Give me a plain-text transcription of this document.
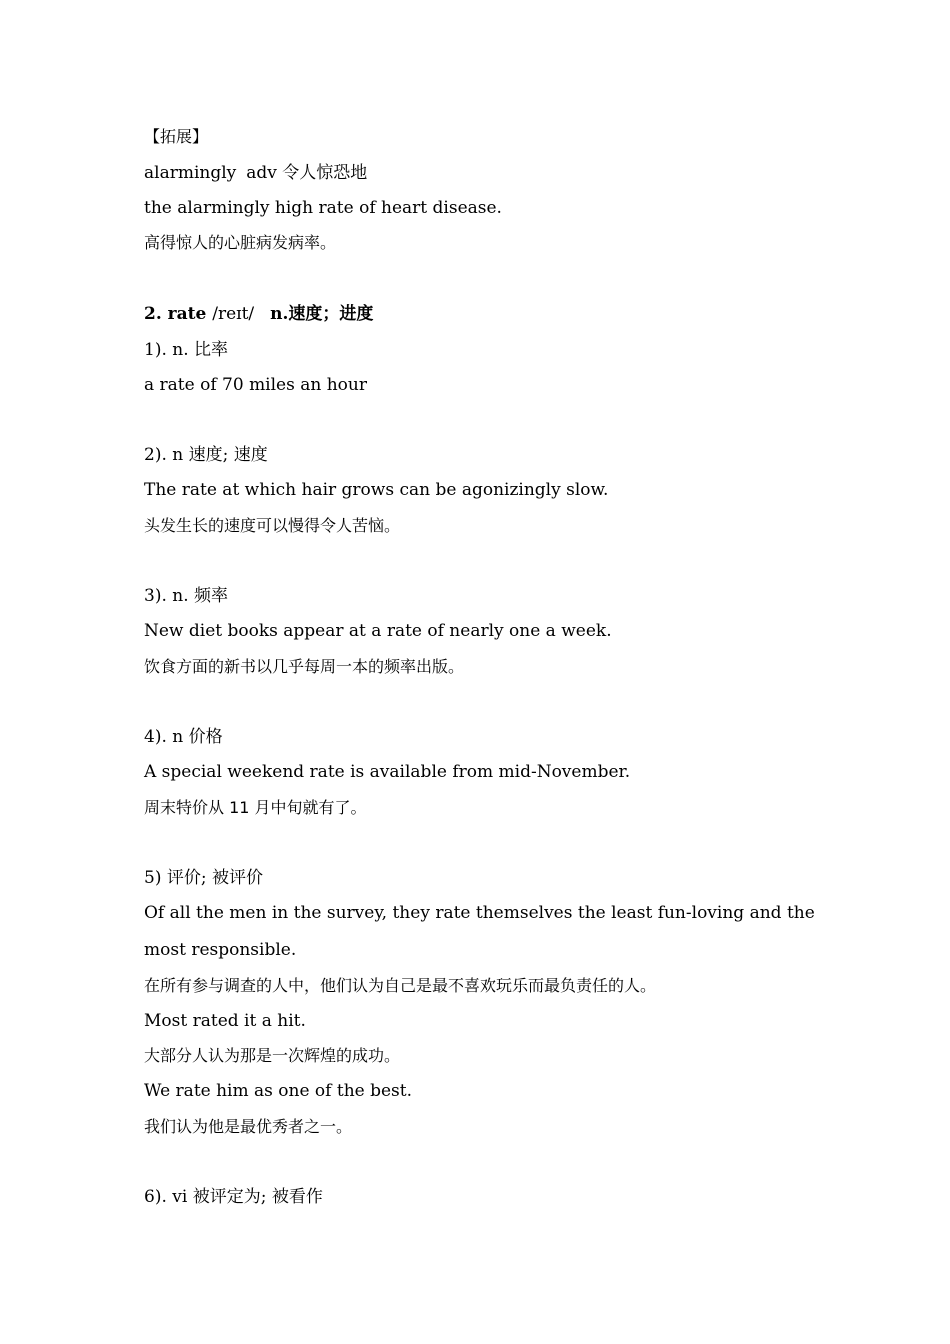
【拓展】
alarmingly adv 令人惊恐地
the alarmingly high rate of heart disease.
高得惊人的心脏病发病率。
2. rate /reɪt/ n.速度；进度
1). n. 比率
a rate of 70 miles an hour
2). n 速度; 速度
The rate at which hair grows can be agonizingly slow.
头发生长的速度可以慢得令人苦恼。
3). n. 频率
New diet books appear at a rate of nearly one a week.
饮食方面的新书以几乎每周一本的频率出版。
4). n 价格
A special weekend rate is available from mid-November.
周末特价从 11 月中旬就有了。
5) 评价; 被评价
Of all the men in the survey, they rate themselves the least fun-loving and the
most responsible.
在所有参与调查的人中，他们认为自己是最不喜欢玩乐而最负责任的人。
Most rated it a hit.
大部分人认为那是一次辉煌的成功。
We rate him as one of the best.
我们认为他是最优秀者之一。
6). vi 被评定为; 被看作
